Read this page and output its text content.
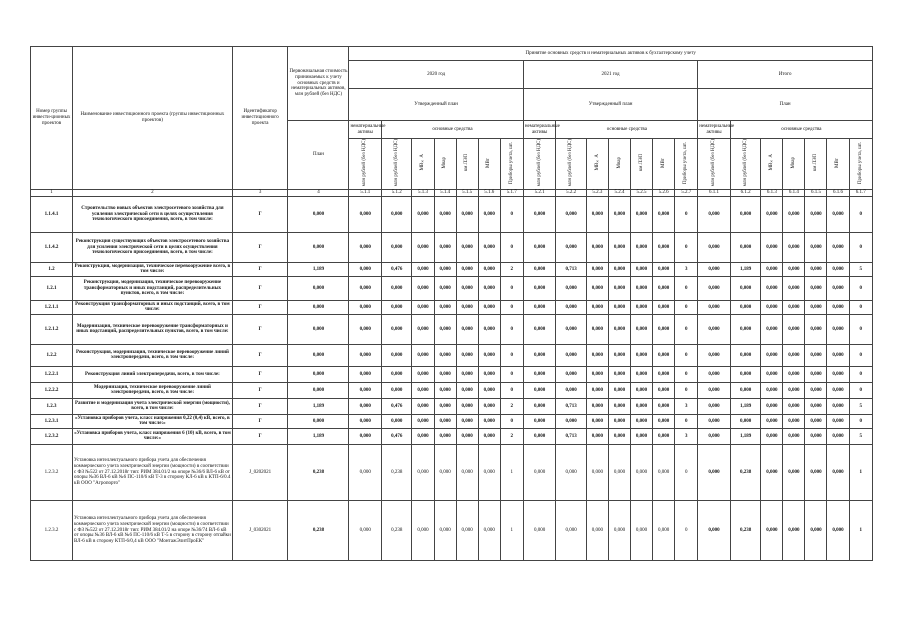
Номер группы инвести-ционных проектов	Наименование инвестиционного проекта (группы инвестиционных проектов)	Идентификатор инвестиционного проекта	Первоначальная стоимость принимаемых к учету основных средств и нематериальных активов, млн рублей (без НДС)	Принятие основных средств и нематериальных активов к бухгалтерскому учету																				
				2020 год							2021 год							Итого						
				Утвержденный план							Утвержденный план							План						
			План	нематериальные активы	основные средства						нематериальные активы	основные средства						нематериальные активы	основные средства					
				млн рублей (без НДС)	млн рублей (без НДС)	МВ×А	Мвар	км ЛЭП	МВт	Приборы учета, шт.	млн рублей (без НДС)	млн рублей (без НДС)	МВ×А	Мвар	км ЛЭП	МВт	Приборы учета, шт.	млн рублей (без НДС)	млн рублей (без НДС)	МВ×А	Мвар	км ЛЭП	МВт	Приборы учета, шт.
1	2	3	4	5.1.1	5.1.2	5.1.3	5.1.4	5.1.5	5.1.6	5.1.7	5.2.1	5.2.2	5.2.3	5.2.4	5.2.5	5.2.6	5.2.7	6.1.1	6.1.2	6.1.3	6.1.4	6.1.5	6.1.6	6.1.7
1.1.4.1	Строительство новых объектов электросетевого хозяйства для усиления электрической сети в целях осуществления технологического присоединения, всего, в том числе:	Г	0,000	0,000	0,000	0,000	0,000	0,000	0,000	0	0,000	0,000	0,000	0,000	0,000	0,000	0	0,000	0,000	0,000	0,000	0,000	0,000	0
1.1.4.2	Реконструкция существующих объектов электросетевого хозяйства для усиления электрической сети в целях осуществления технологического присоединения, всего, в том числе:	Г	0,000	0,000	0,000	0,000	0,000	0,000	0,000	0	0,000	0,000	0,000	0,000	0,000	0,000	0	0,000	0,000	0,000	0,000	0,000	0,000	0
1.2	Реконструкция, модернизация, техническое перевооружение всего, в том числе:	Г	1,189	0,000	0,476	0,000	0,000	0,000	0,000	2	0,000	0,713	0,000	0,000	0,000	0,000	3	0,000	1,189	0,000	0,000	0,000	0,000	5
1.2.1	Реконструкция, модернизация, техническое перевооружение трансформаторных и иных подстанций, распределительных пунктов, всего, в том числе:	Г	0,000	0,000	0,000	0,000	0,000	0,000	0,000	0	0,000	0,000	0,000	0,000	0,000	0,000	0	0,000	0,000	0,000	0,000	0,000	0,000	0
1.2.1.1	Реконструкция трансформаторных и иных подстанций, всего, в том числе:	Г	0,000	0,000	0,000	0,000	0,000	0,000	0,000	0	0,000	0,000	0,000	0,000	0,000	0,000	0	0,000	0,000	0,000	0,000	0,000	0,000	0
1.2.1.2	Модернизация, техническое перевооружение трансформаторных и иных подстанций, распределительных пунктов, всего, в том числе:	Г	0,000	0,000	0,000	0,000	0,000	0,000	0,000	0	0,000	0,000	0,000	0,000	0,000	0,000	0	0,000	0,000	0,000	0,000	0,000	0,000	0
1.2.2	Реконструкция, модернизация, техническое перевооружение линий электропередачи, всего, в том числе:	Г	0,000	0,000	0,000	0,000	0,000	0,000	0,000	0	0,000	0,000	0,000	0,000	0,000	0,000	0	0,000	0,000	0,000	0,000	0,000	0,000	0
1.2.2.1	Реконструкция линий электропередачи, всего, в том числе:	Г	0,000	0,000	0,000	0,000	0,000	0,000	0,000	0	0,000	0,000	0,000	0,000	0,000	0,000	0	0,000	0,000	0,000	0,000	0,000	0,000	0
1.2.2.2	Модернизация, техническое перевооружение линий электропередачи, всего, в том числе:	Г	0,000	0,000	0,000	0,000	0,000	0,000	0,000	0	0,000	0,000	0,000	0,000	0,000	0,000	0	0,000	0,000	0,000	0,000	0,000	0,000	0
1.2.3	Развитие и модернизация учета электрической энергии (мощности), всего, в том числе:	Г	1,189	0,000	0,476	0,000	0,000	0,000	0,000	2	0,000	0,713	0,000	0,000	0,000	0,000	3	0,000	1,189	0,000	0,000	0,000	0,000	5
1.2.3.1	«Установка приборов учета, класс напряжения 0,22 (0,4) кВ, всего, в том числе:»	Г	0,000	0,000	0,000	0,000	0,000	0,000	0,000	0	0,000	0,000	0,000	0,000	0,000	0,000	0	0,000	0,000	0,000	0,000	0,000	0,000	0
1.2.3.2	«Установка приборов учета, класс напряжения 6 (10) кВ, всего, в том числе:»	Г	1,189	0,000	0,476	0,000	0,000	0,000	0,000	2	0,000	0,713	0,000	0,000	0,000	0,000	3	0,000	1,189	0,000	0,000	0,000	0,000	5
1.2.3.2	Установка интеллектуального прибора учета для обеспечения коммерческого учета электрической энергии (мощности) в соответствии с ФЗ №522 от 27.12.2018г тип: РИМ 384.01/2 на опоре №36/6 ВЛ-6 кВ от опоры №36 ВЛ-6 кВ №6 ПС-110/6 кВ Т-3 в сторону КЛ-6 кВ к КТП-6/0.4 кВ ООО "Агропорто"	J_0202021	0,238	0,000	0,238	0,000	0,000	0,000	0,000	1	0,000	0,000	0,000	0,000	0,000	0,000	0	0,000	0,238	0,000	0,000	0,000	0,000	1
1.2.3.2	Установка интеллектуального прибора учета для обеспечения коммерческого учета электрической энергии (мощности) в соответствии с ФЗ №522 от 27.12.2018г тип: РИМ 384.01/2 на опоре №36/74 ВЛ-6 кВ от опоры №36 ВЛ-6 кВ №6 ПС-110/6 кВ Т-5 в сторону в сторону отпайки ВЛ-6 кВ в сторону КТП-6/0,4 кВ ООО "МонтажЭлитПроЕК"	J_0302021	0,238	0,000	0,238	0,000	0,000	0,000	0,000	1	0,000	0,000	0,000	0,000	0,000	0,000	0	0,000	0,238	0,000	0,000	0,000	0,000	1
